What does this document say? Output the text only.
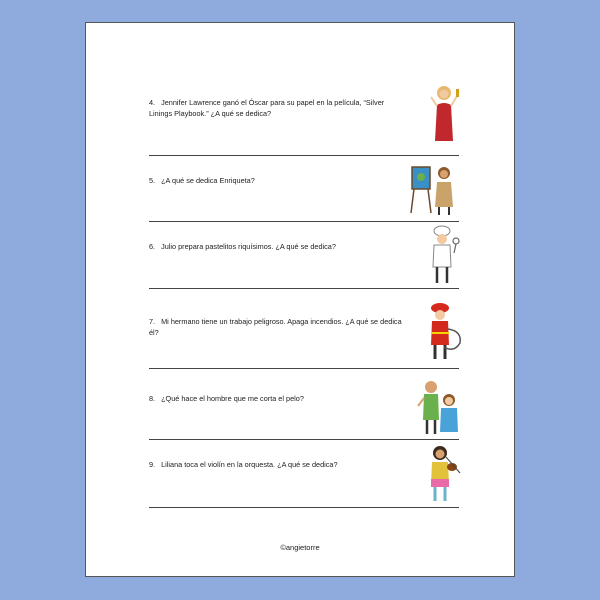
4. Jennifer Lawrence ganó el Óscar para su papel en la película, “Silver Linings Playbook.” ¿A qué se dedica?
5. ¿A qué se dedica Enriqueta?
6. Julio prepara pastelitos riquísimos. ¿A qué se dedica?
7. Mi hermano tiene un trabajo peligroso. Apaga incendios. ¿A qué se dedica él?
8. ¿Qué hace el hombre que me corta el pelo?
9. Liliana toca el violín en la orquesta. ¿A qué se dedica?
©angietorre
